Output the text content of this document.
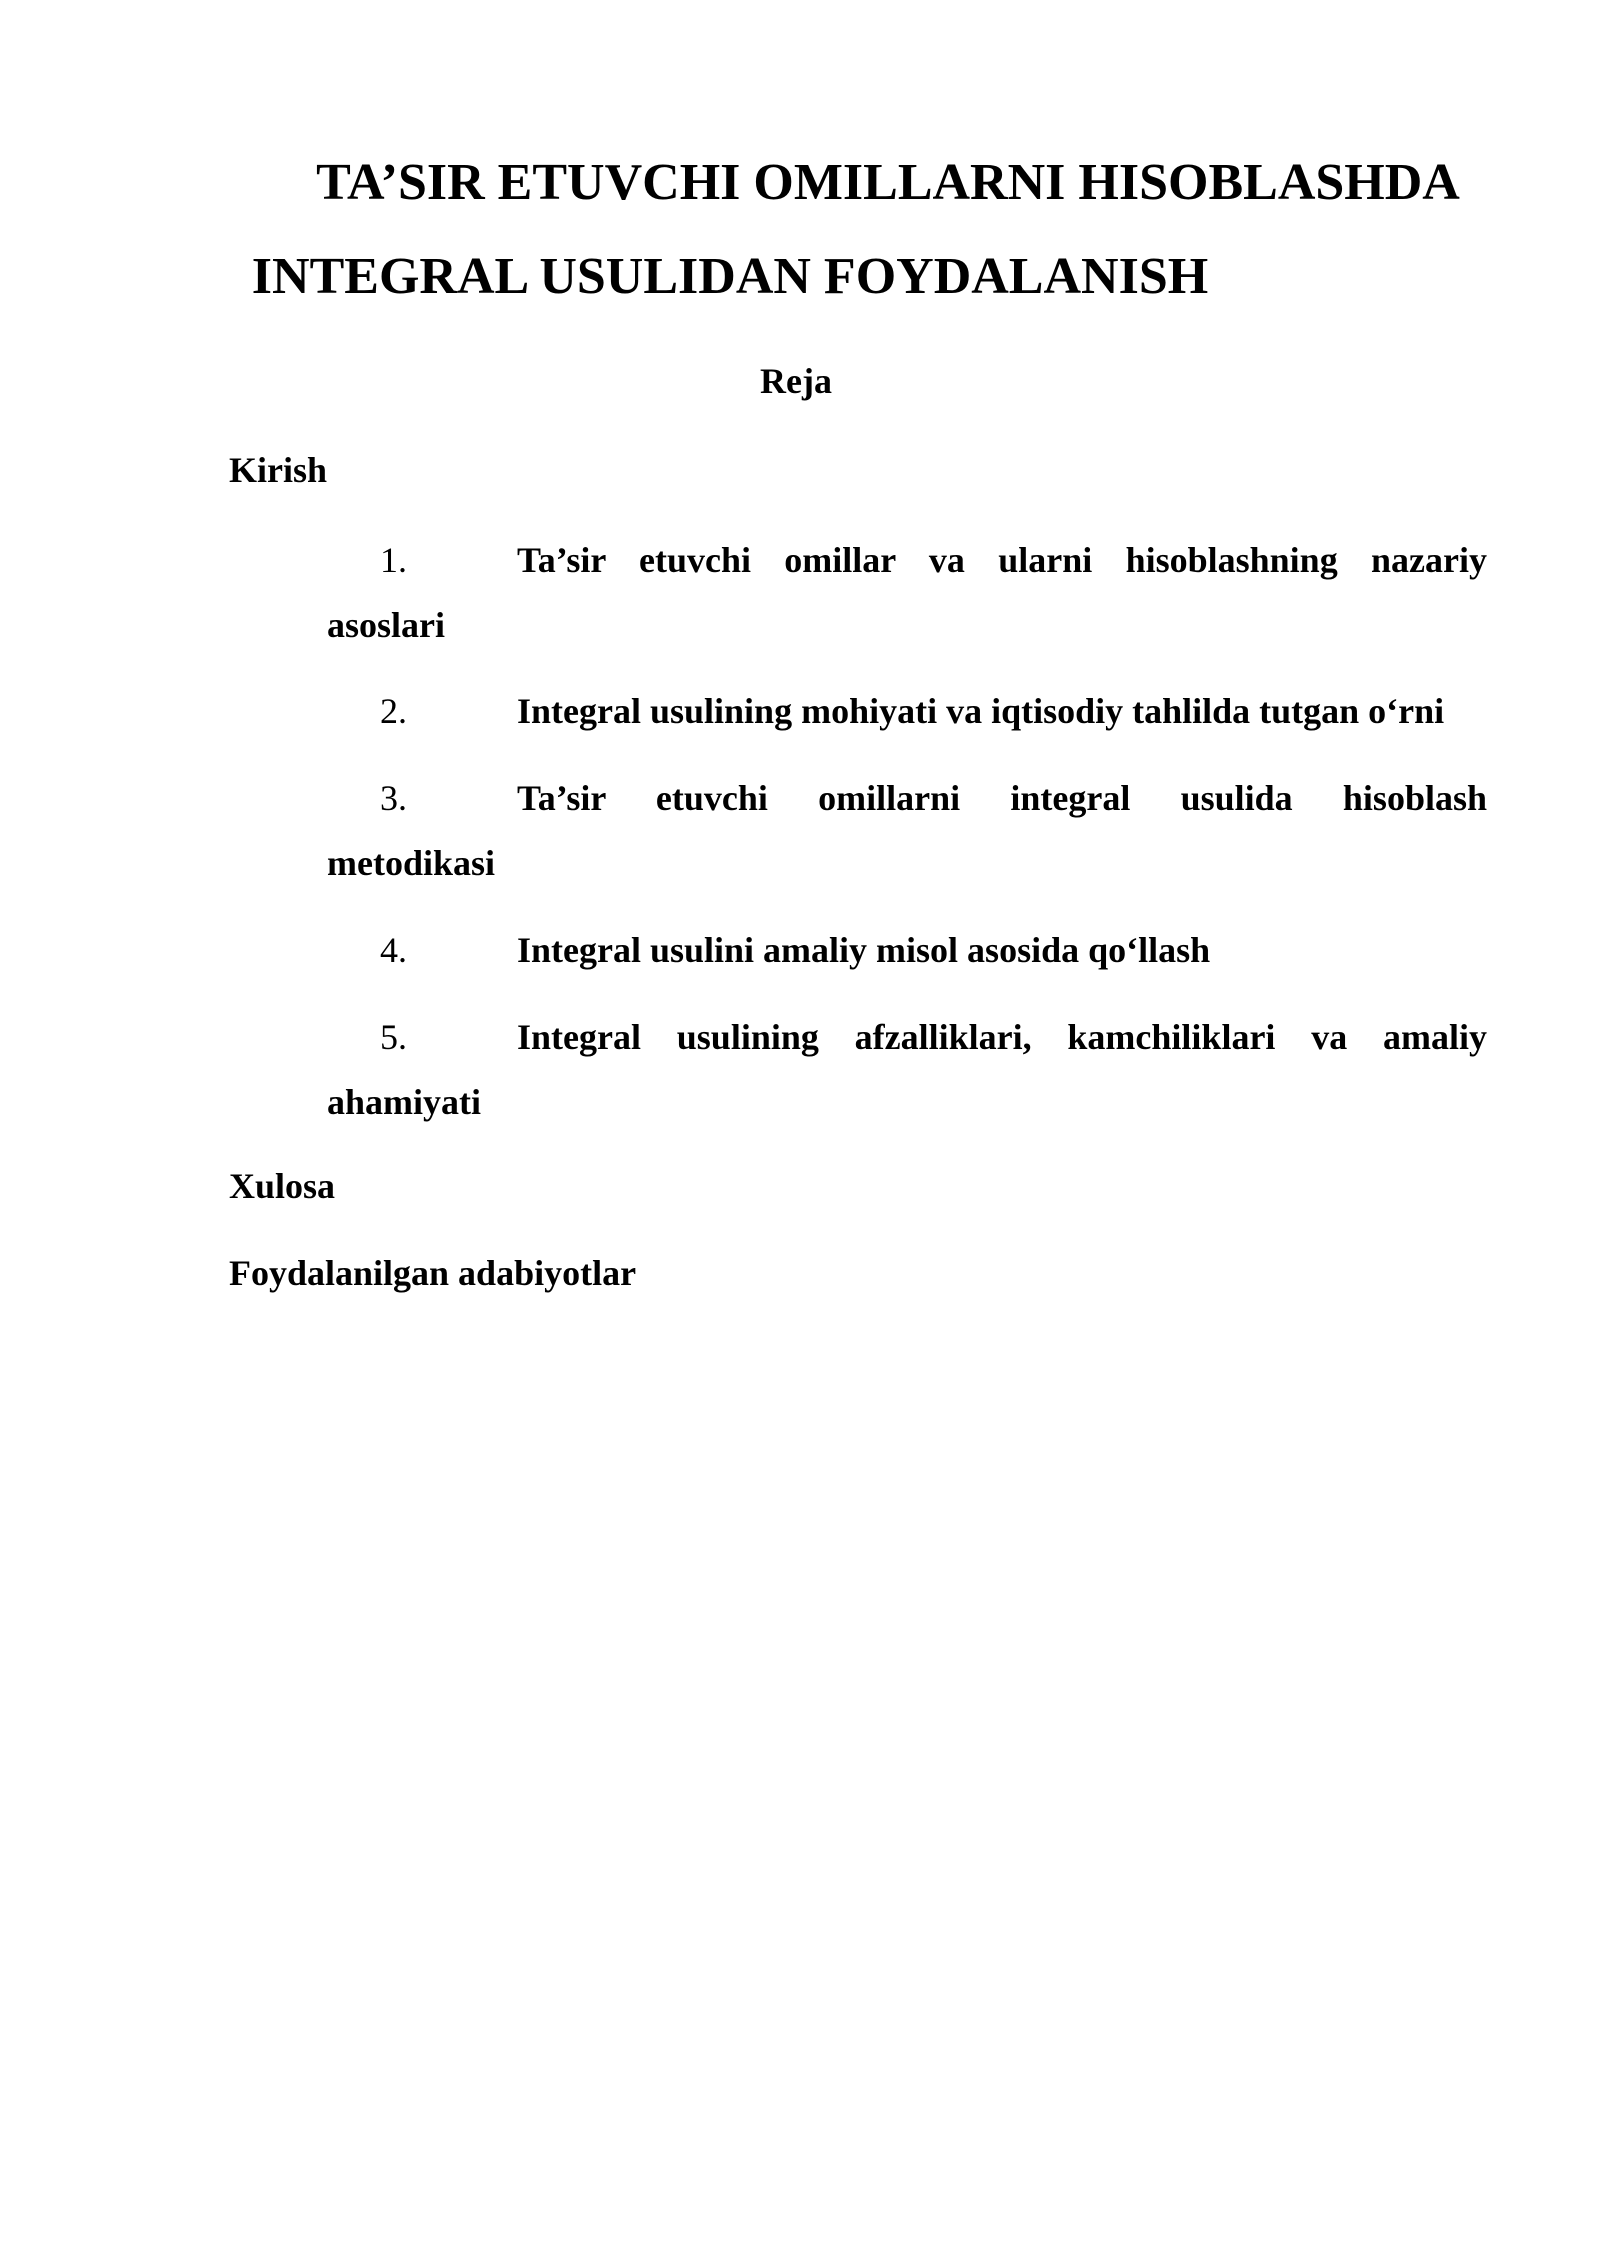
TA’SIR ETUVCHI OMILLARNI HISOBLASHDA
INTEGRAL USULIDAN FOYDALANISH
Reja

Kirish

1.	Ta’sir etuvchi omillar va ularni hisoblashning nazariy
asoslari
2.	Integral usulining mohiyati va iqtisodiy tahlilda tutgan o‘rni
3.	Ta’sir etuvchi omillarni integral usulida hisoblash
metodikasi
4.	Integral usulini amaliy misol asosida qo‘llash
5.	Integral usulining afzalliklari, kamchiliklari va amaliy
ahamiyati

Xulosa

Foydalanilgan adabiyotlar
